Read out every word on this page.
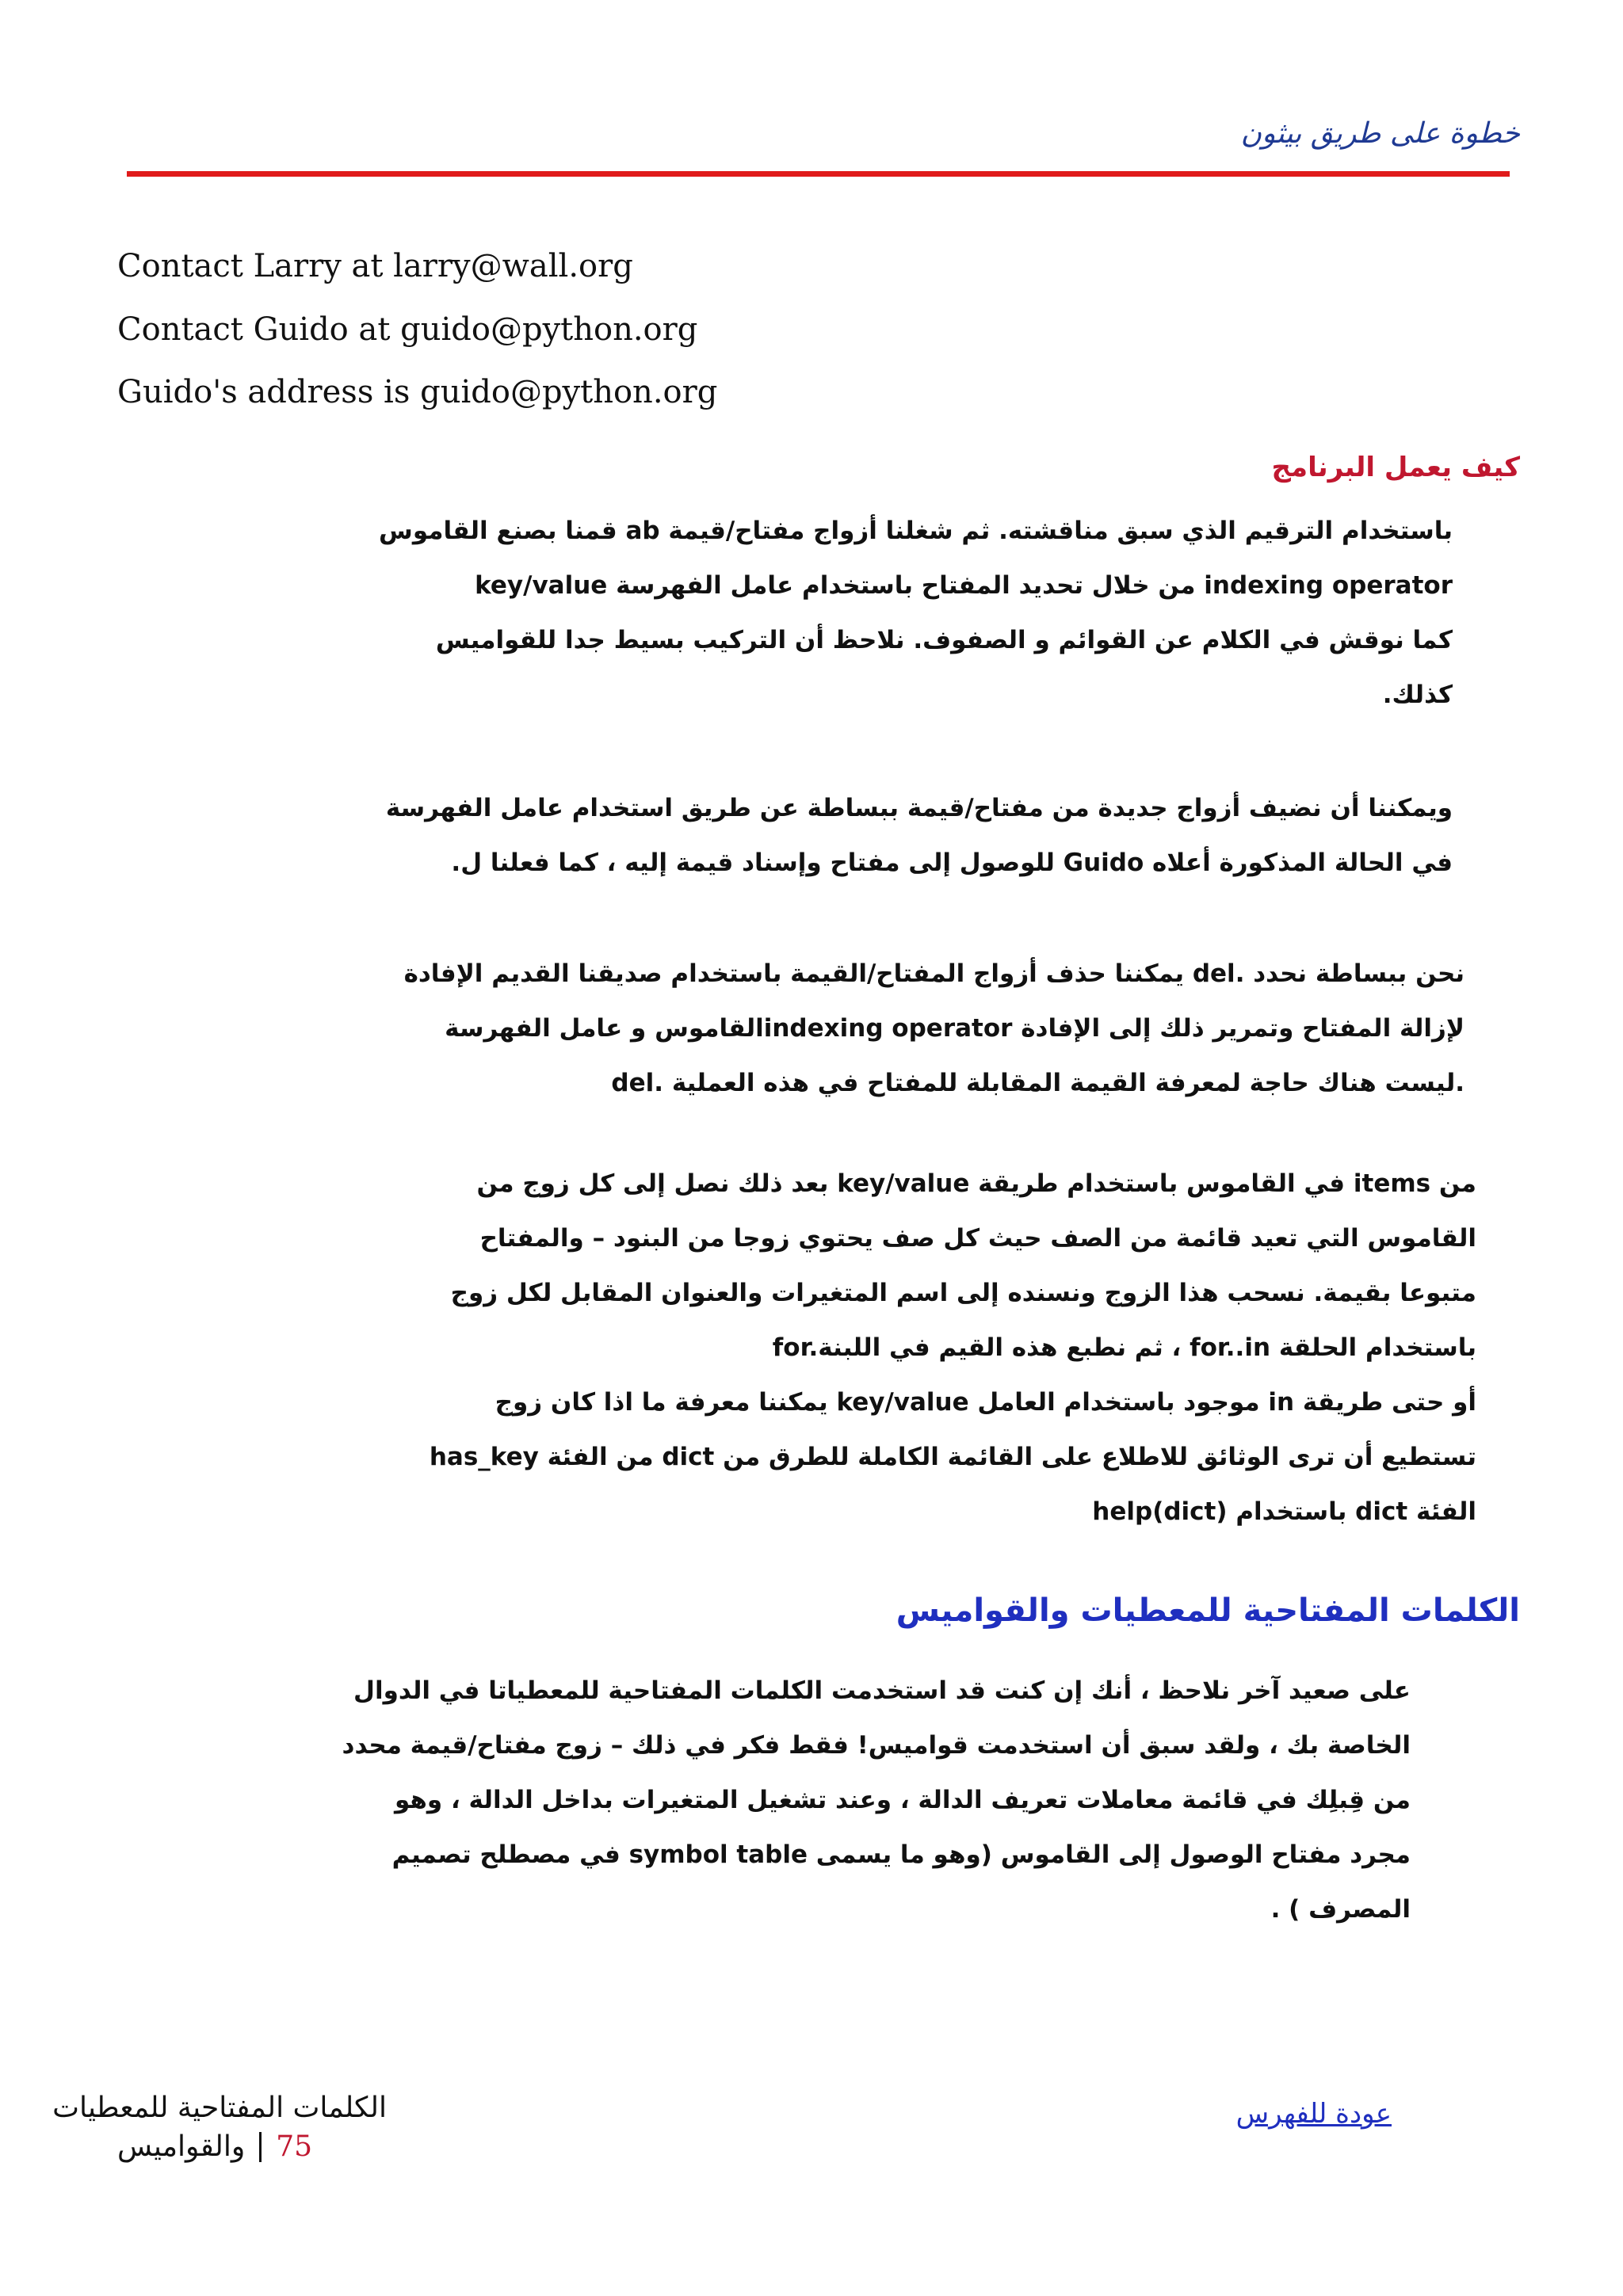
خطوة على طريق بيثون
Contact Larry at larry@wall.org
Contact Guido at guido@python.org
Guido's address is guido@python.org
كيف يعمل البرنامج
باستخدام الترقيم الذي سبق مناقشته. ثم شغلنا أزواج مفتاح/قيمة ab قمنا بصنع القاموس
key/value من خلال تحديد المفتاح باستخدام عامل الفهرسة indexing operator
كما نوقش في الكلام عن القوائم و الصفوف. نلاحظ أن التركيب بسيط جدا للقواميس
كذلك.
ويمكننا أن نضيف أزواج جديدة من مفتاح/قيمة ببساطة عن طريق استخدام عامل الفهرسة
في الحالة المذكورة أعلاه Guido للوصول إلى مفتاح وإسناد قيمة إليه ، كما فعلنا ل.
نحن ببساطة نحدد .del يمكننا حذف أزواج المفتاح/القيمة باستخدام صديقنا القديم الإفادة
لإزالة المفتاح وتمرير ذلك إلى الإفادة indexing operatorالقاموس و عامل الفهرسة
del. ليست هناك حاجة لمعرفة القيمة المقابلة للمفتاح في هذه العملية.
من items في القاموس باستخدام طريقة key/value بعد ذلك نصل إلى كل زوج من
القاموس التي تعيد قائمة من الصف حيث كل صف يحتوي زوجا من البنود – والمفتاح
متبوعا بقيمة. نسحب هذا الزوج ونسنده إلى اسم المتغيرات والعنوان المقابل لكل زوج
for.ثم نطبع هذه القيم في اللبنة ، for..in باستخدام الحلقة
أو حتى طريقة in موجود باستخدام العامل key/value يمكننا معرفة ما اذا كان زوج
تستطيع أن ترى الوثائق للاطلاع على القائمة الكاملة للطرق من dict من الفئة has_key
الفئة dict باستخدام (help(dict
الكلمات المفتاحية للمعطيات والقواميس
على صعيد آخر نلاحظ ، أنك إن كنت قد استخدمت الكلمات المفتاحية للمعطياتا في الدوال
الخاصة بك ، ولقد سبق أن استخدمت قواميس! فقط فكر في ذلك – زوج مفتاح/قيمة محدد
من قِبلِك في قائمة معاملات تعريف الدالة ، وعند تشغيل المتغيرات بداخل الدالة ، وهو
مجرد مفتاح الوصول إلى القاموس (وهو ما يسمى symbol table في مصطلح تصميم
المصرف ) .
الكلمات المفتاحية للمعطيات
والقواميس 75
عودة للفهرس
